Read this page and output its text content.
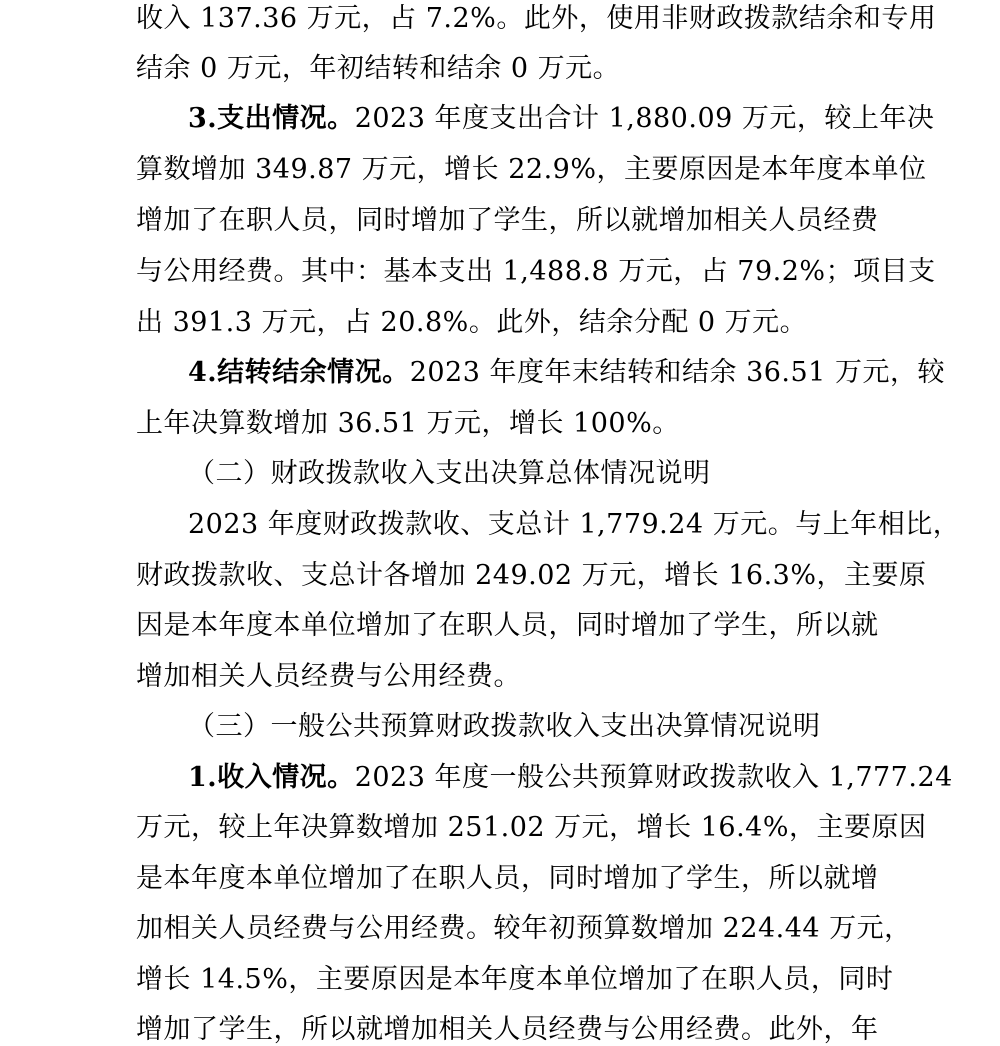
收入 137.36 万元，占 7.2%。此外，使用非财政拨款结余和专用
结余 0 万元，年初结转和结余 0 万元。
3.支出情况。2023 年度支出合计 1,880.09 万元，较上年决
算数增加 349.87 万元，增长 22.9%，主要原因是本年度本单位
增加了在职人员，同时增加了学生，所以就增加相关人员经费
与公用经费。其中：基本支出 1,488.8 万元，占 79.2%；项目支
出 391.3 万元，占 20.8%。此外，结余分配 0 万元。
4.结转结余情况。2023 年度年末结转和结余 36.51 万元，较
上年决算数增加 36.51 万元，增长 100%。
（二）财政拨款收入支出决算总体情况说明
2023 年度财政拨款收、支总计 1,779.24 万元。与上年相比，
财政拨款收、支总计各增加 249.02 万元，增长 16.3%，主要原
因是本年度本单位增加了在职人员，同时增加了学生，所以就
增加相关人员经费与公用经费。
（三）一般公共预算财政拨款收入支出决算情况说明
1.收入情况。2023 年度一般公共预算财政拨款收入 1,777.24
万元，较上年决算数增加 251.02 万元，增长 16.4%，主要原因
是本年度本单位增加了在职人员，同时增加了学生，所以就增
加相关人员经费与公用经费。较年初预算数增加 224.44 万元，
增长 14.5%，主要原因是本年度本单位增加了在职人员，同时
增加了学生，所以就增加相关人员经费与公用经费。此外，年
